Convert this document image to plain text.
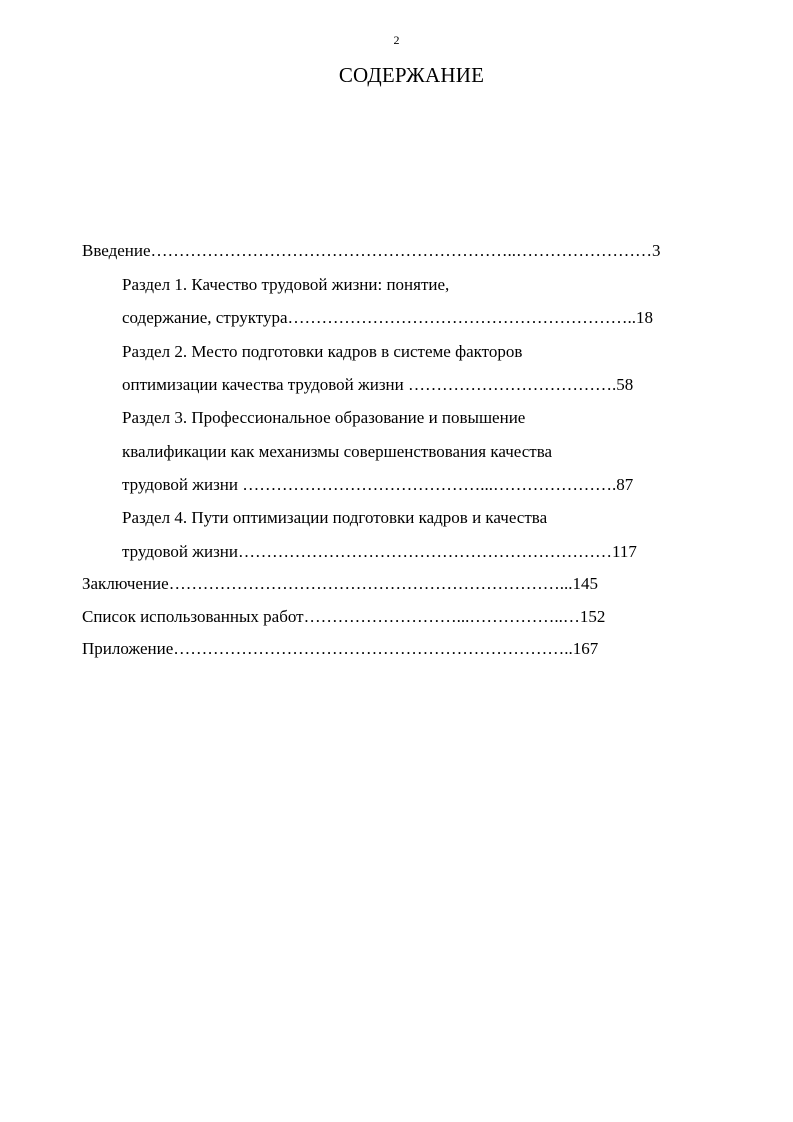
2
СОДЕРЖАНИЕ
Введение………………………………………………………..……………………3
Раздел 1. Качество трудовой жизни: понятие,
содержание, структура……………………………………………………..18
Раздел 2. Место подготовки кадров в системе факторов
оптимизации качества трудовой жизни ……………………………….58
Раздел 3. Профессиональное образование и повышение
квалификации как механизмы совершенствования качества
трудовой жизни ……………………………………...………………….87
Раздел 4. Пути оптимизации подготовки кадров и качества
трудовой жизни…………………………………………………………117
Заключение……………………………………………………………...145
Список использованных работ………………………...……………..…152
Приложение……………………………………………………………..167
